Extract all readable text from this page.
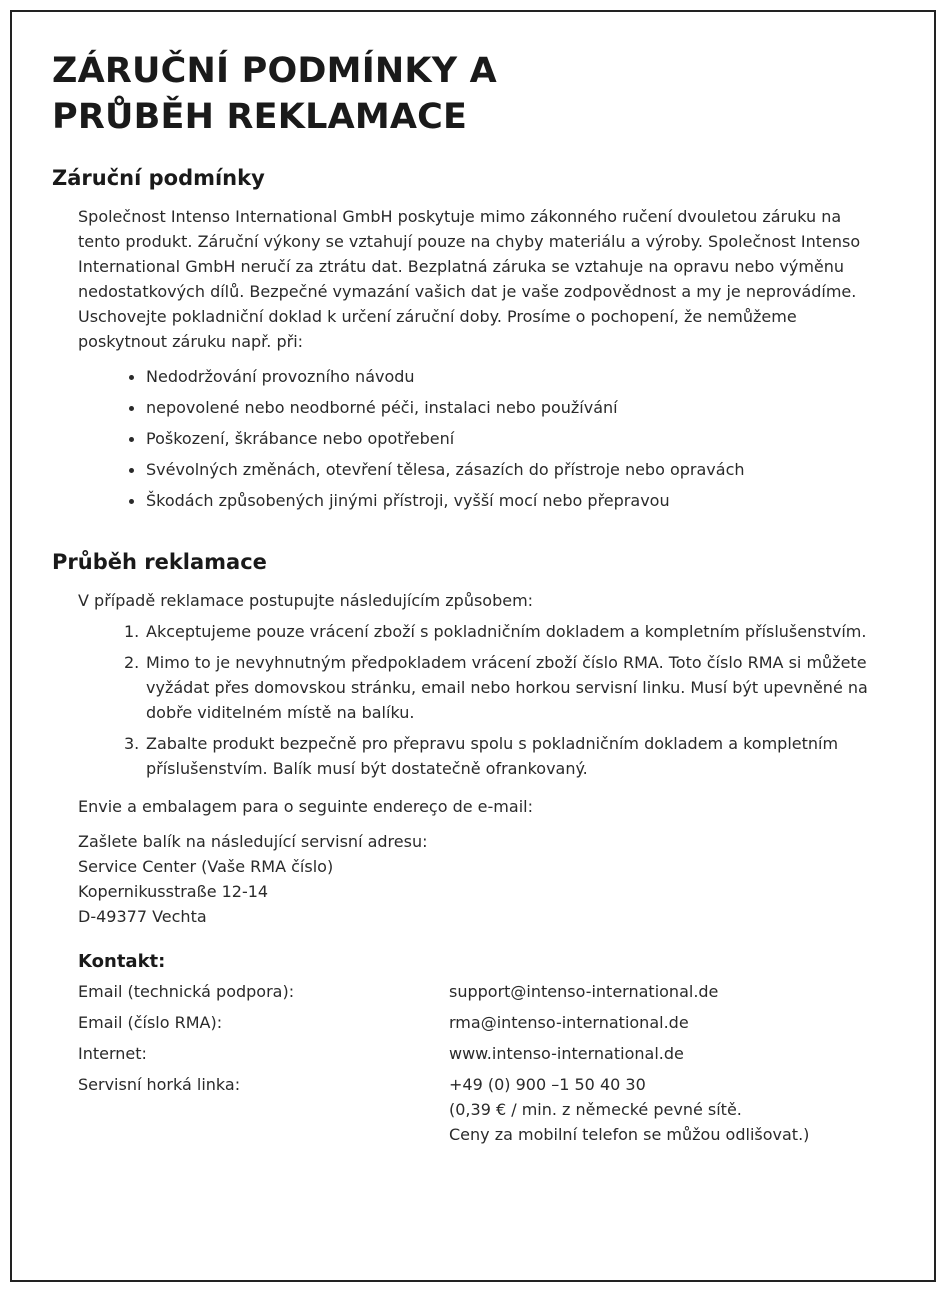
ZÁRUČNÍ PODMÍNKY A
PRŮBĚH REKLAMACE
Záruční podmínky

Společnost Intenso International GmbH poskytuje mimo zákonného ručení dvouletou záruku na tento produkt. Záruční výkony se vztahují pouze na chyby materiálu a výroby. Společnost Intenso International GmbH neručí za ztrátu dat. Bezplatná záruka se vztahuje na opravu nebo výměnu nedostatkových dílů. Bezpečné vymazání vašich dat je vaše zodpovědnost a my je neprovádíme. Uschovejte pokladniční doklad k určení záruční doby. Prosíme o pochopení, že nemůžeme poskytnout záruku např. při:

Nedodržování provozního návodu
nepovolené nebo neodborné péči, instalaci nebo používání
Poškození, škrábance nebo opotřebení
Svévolných změnách, otevření tělesa, zásazích do přístroje nebo opravách
Škodách způsobených jinými přístroji, vyšší mocí nebo přepravou
Průběh reklamace

V případě reklamace postupujte následujícím způsobem:

1. Akceptujeme pouze vrácení zboží s pokladničním dokladem a kompletním příslušenstvím.
2. Mimo to je nevyhnutným předpokladem vrácení zboží číslo RMA. Toto číslo RMA si můžete vyžádat přes domovskou stránku, email nebo horkou servisní linku. Musí být upevněné na dobře viditelném místě na balíku.
3. Zabalte produkt bezpečně pro přepravu spolu s pokladničním dokladem a kompletním příslušenstvím. Balík musí být dostatečně ofrankovaný.

Envie a embalagem para o seguinte endereço de e-mail:

Zašlete balík na následující servisní adresu:

Service Center (Vaše RMA číslo)

Kopernikusstraße 12-14

D-49377 Vechta

Kontakt:
Email (technická podpora):	support@intenso-international.de
Email (číslo RMA):	rma@intenso-international.de
Internet:	www.intenso-international.de
Servisní horká linka:	+49 (0) 900 –1 50 40 30
(0,39 € / min. z německé pevné sítě.
Ceny za mobilní telefon se můžou odlišovat.)
